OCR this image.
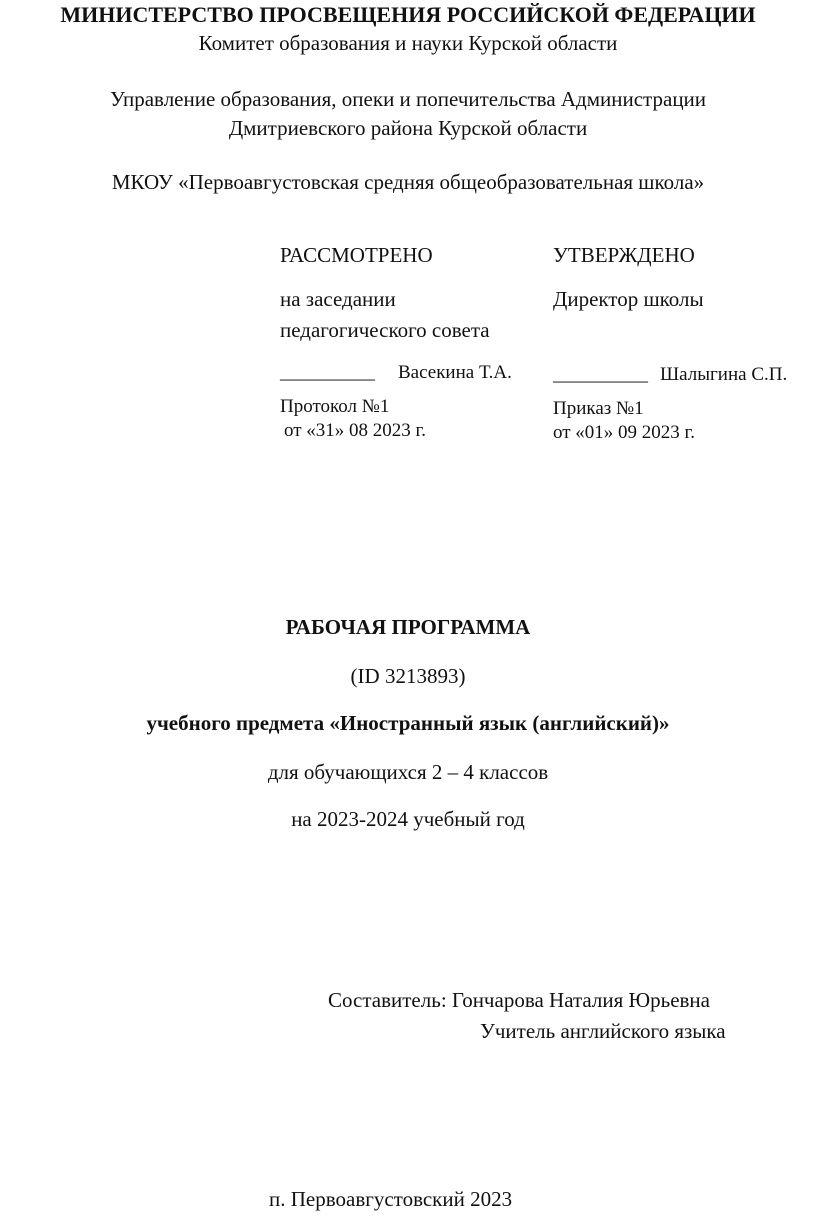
МИНИСТЕРСТВО ПРОСВЕЩЕНИЯ РОССИЙСКОЙ ФЕДЕРАЦИИ
Комитет образования и науки Курской области
Управление образования, опеки и попечительства Администрации
Дмитриевского района Курской области
МКОУ «Первоавгустовская средняя общеобразовательная школа»
РАССМОТРЕНО
на заседании
педагогического совета
__________ Васекина Т.А.
Протокол №1
от «31» 08 2023 г.
УТВЕРЖДЕНО
Директор школы
__________ Шалыгина С.П.
Приказ №1
от «01» 09 2023 г.
РАБОЧАЯ ПРОГРАММА
(ID 3213893)
учебного предмета «Иностранный язык (английский)»
для обучающихся 2 – 4 классов
на 2023-2024 учебный год
Составитель: Гончарова Наталия Юрьевна
Учитель английского языка
п. Первоавгустовский 2023
